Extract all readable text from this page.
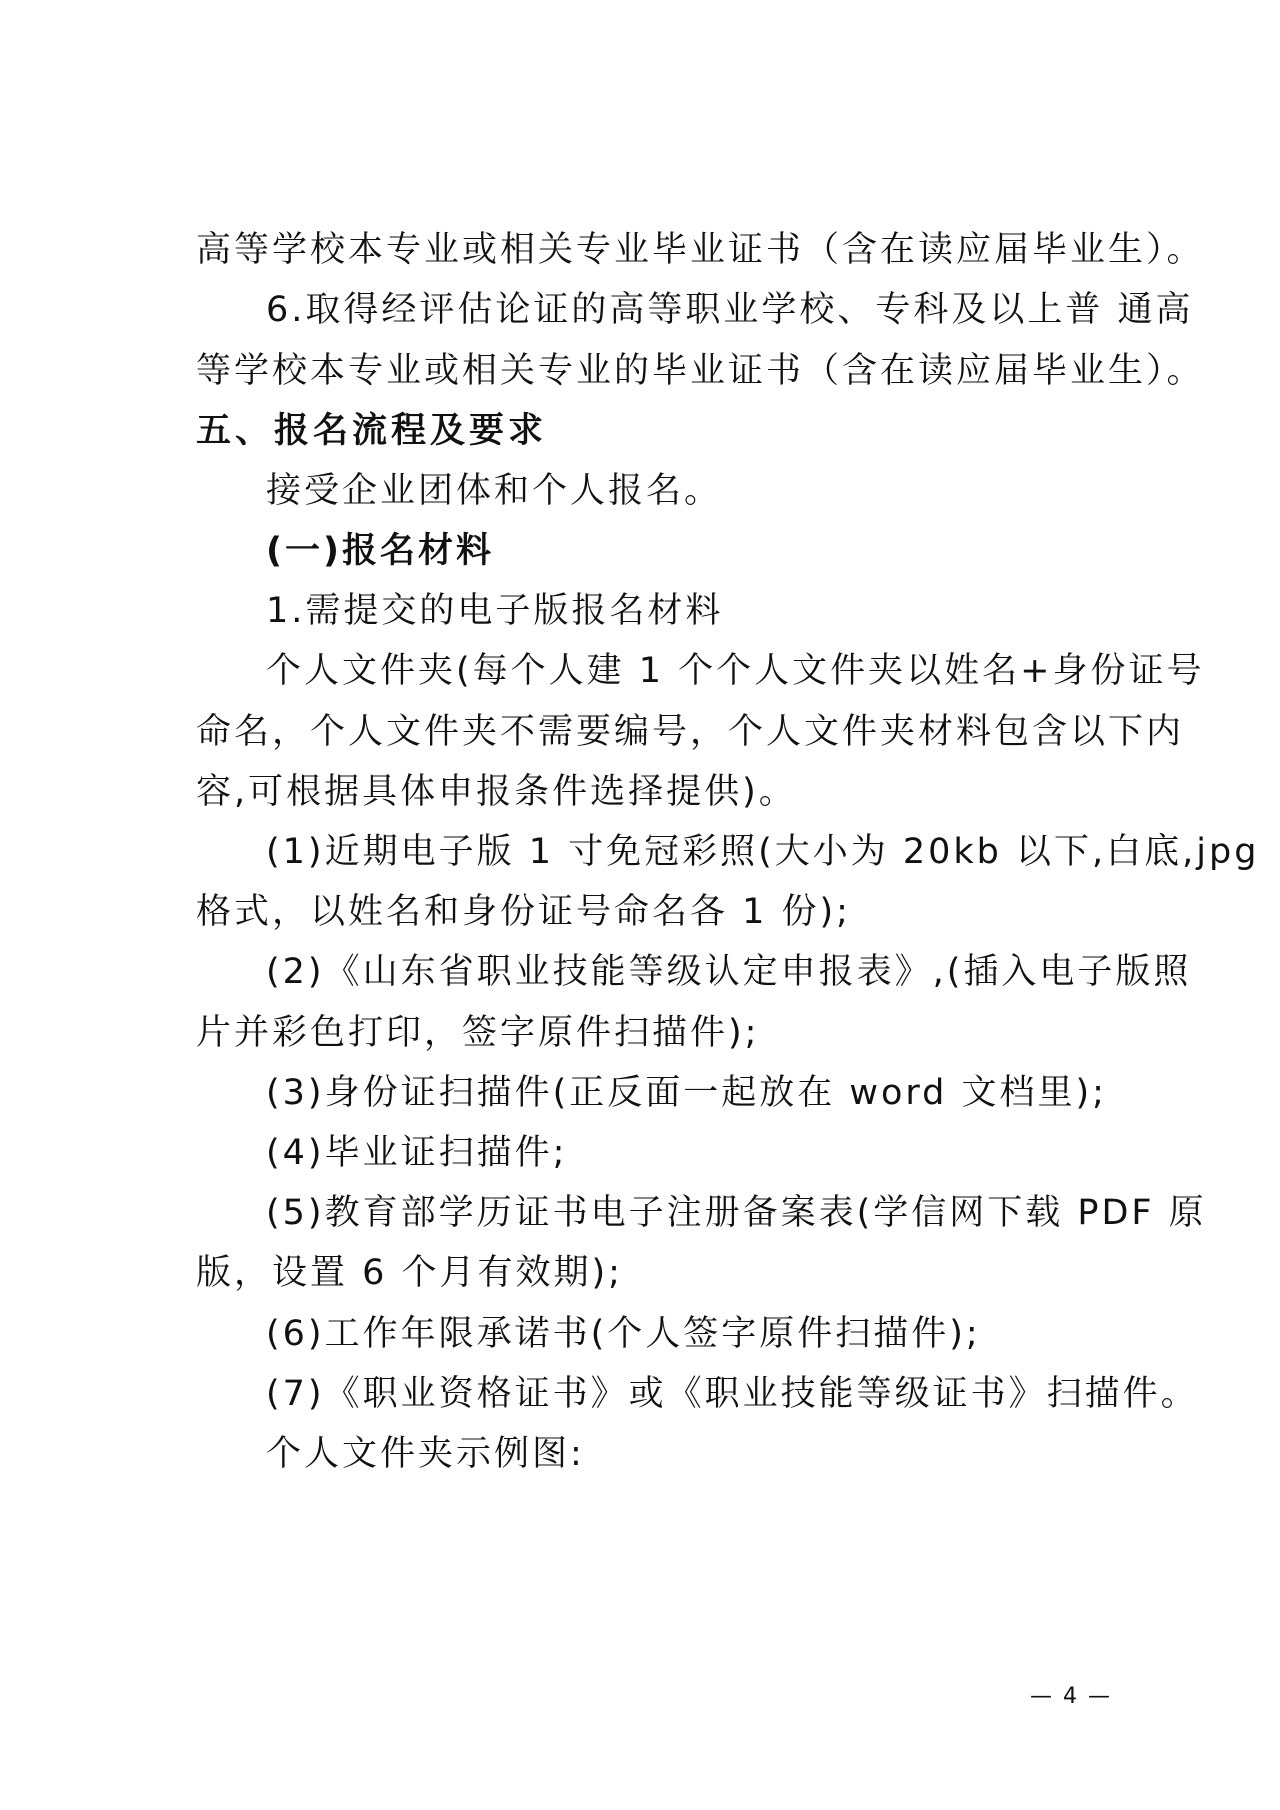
高等学校本专业或相关专业毕业证书（含在读应届毕业生）。
6.取得经评估论证的高等职业学校、专科及以上普 通高
等学校本专业或相关专业的毕业证书（含在读应届毕业生）。
五、报名流程及要求
接受企业团体和个人报名。
(一)报名材料
1.需提交的电子版报名材料
个人文件夹(每个人建 1 个个人文件夹以姓名+身份证号
命名，个人文件夹不需要编号，个人文件夹材料包含以下内
容,可根据具体申报条件选择提供)。
(1)近期电子版 1 寸免冠彩照(大小为 20kb 以下,白底,jpg
格式，以姓名和身份证号命名各 1 份);
(2)《山东省职业技能等级认定申报表》,(插入电子版照
片并彩色打印，签字原件扫描件);
(3)身份证扫描件(正反面一起放在 word 文档里);
(4)毕业证扫描件;
(5)教育部学历证书电子注册备案表(学信网下载 PDF 原
版，设置 6 个月有效期);
(6)工作年限承诺书(个人签字原件扫描件);
(7)《职业资格证书》或《职业技能等级证书》扫描件。
个人文件夹示例图:
— 4 —
